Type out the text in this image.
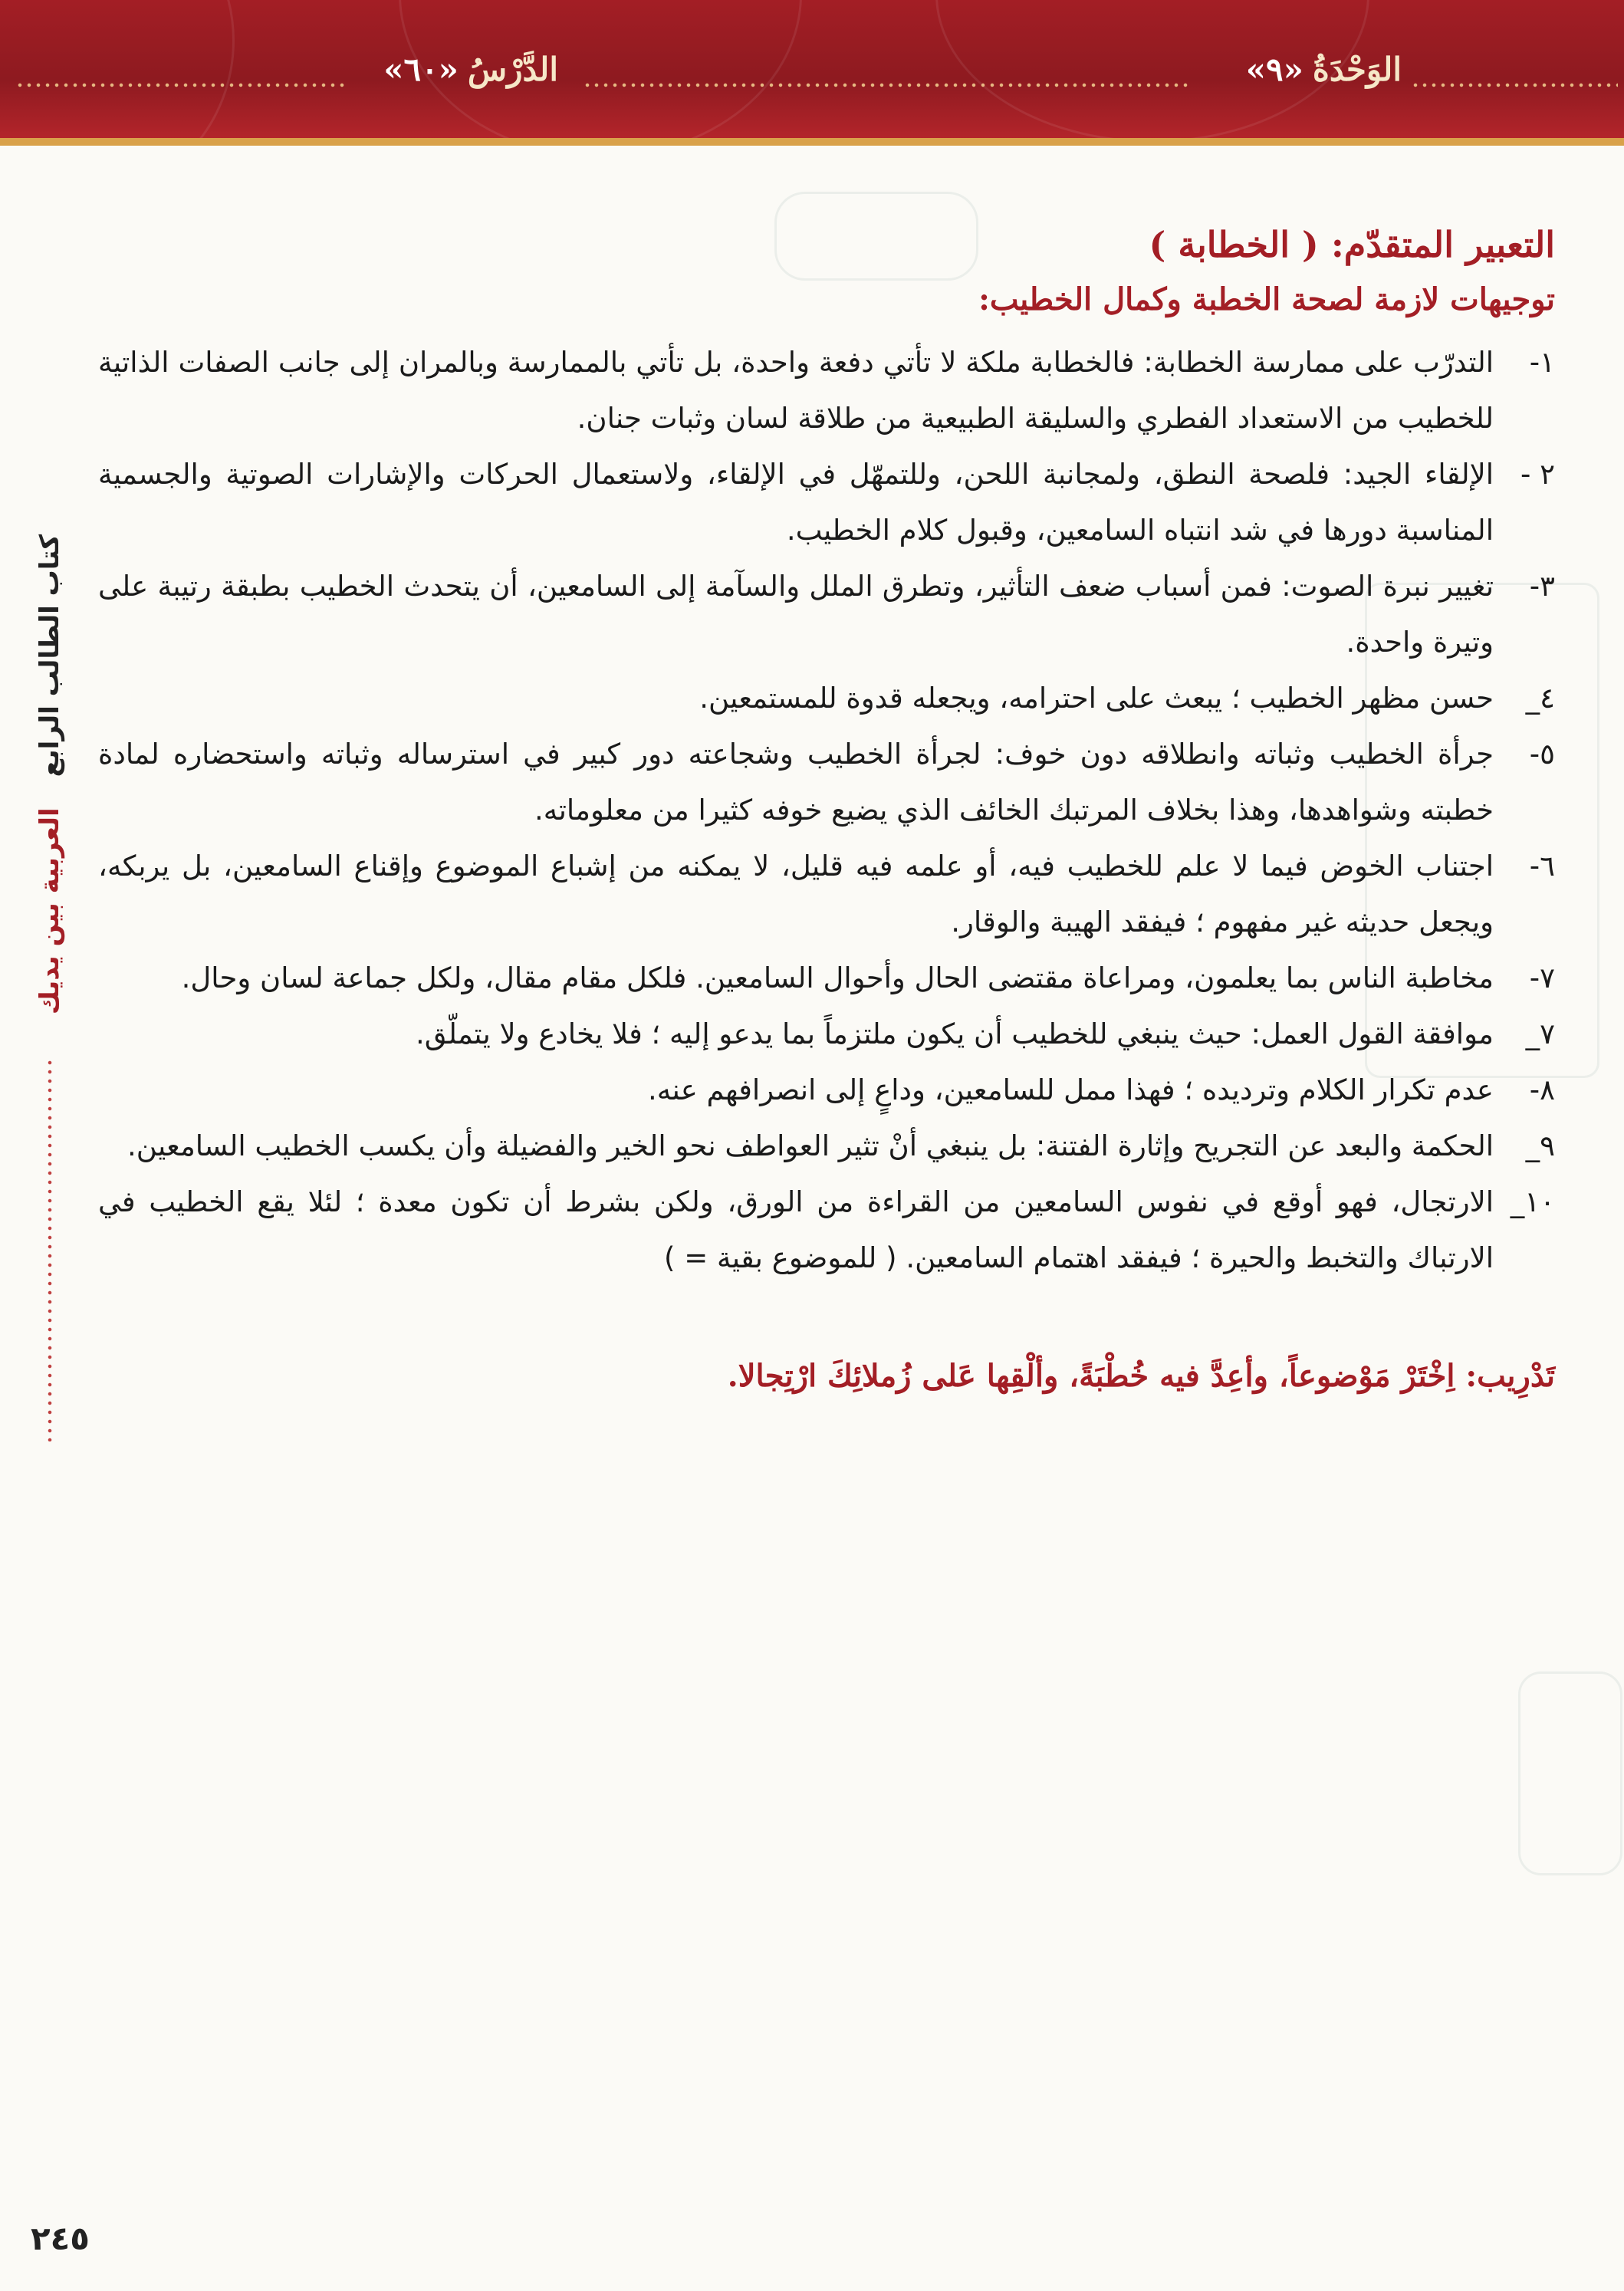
الوَحْدَةُ«٩»
الدَّرْسُ«٦٠»
كتاب الطالب الرابع
العربية بين يديك
التعبير المتقدّم: ( الخطابة )
توجيهات لازمة لصحة الخطبة وكمال الخطيب:
١-
التدرّب على ممارسة الخطابة: فالخطابة ملكة لا تأتي دفعة واحدة، بل تأتي بالممارسة وبالمران إلى جانب الصفات الذاتية للخطيب من الاستعداد الفطري والسليقة الطبيعية من طلاقة لسان وثبات جنان.
٢ -
الإلقاء الجيد: فلصحة النطق، ولمجانبة اللحن، وللتمهّل في الإلقاء، ولاستعمال الحركات والإشارات الصوتية والجسمية المناسبة دورها في شد انتباه السامعين، وقبول كلام الخطيب.
٣-
تغيير نبرة الصوت: فمن أسباب ضعف التأثير، وتطرق الملل والسآمة إلى السامعين، أن يتحدث الخطيب بطبقة رتيبة على وتيرة واحدة.
٤_
حسن مظهر الخطيب ؛ يبعث على احترامه، ويجعله قدوة للمستمعين.
٥-
جرأة الخطيب وثباته وانطلاقه دون خوف: لجرأة الخطيب وشجاعته دور كبير في استرساله وثباته واستحضاره لمادة خطبته وشواهدها، وهذا بخلاف المرتبك الخائف الذي يضيع خوفه كثيرا من معلوماته.
٦-
اجتناب الخوض فيما لا علم للخطيب فيه، أو علمه فيه قليل، لا يمكنه من إشباع الموضوع وإقناع السامعين، بل يربكه، ويجعل حديثه غير مفهوم ؛ فيفقد الهيبة والوقار.
٧-
مخاطبة الناس بما يعلمون، ومراعاة مقتضى الحال وأحوال السامعين. فلكل مقام مقال، ولكل جماعة لسان وحال.
٧_
موافقة القول العمل: حيث ينبغي للخطيب أن يكون ملتزماً بما يدعو إليه ؛ فلا يخادع ولا يتملّق.
٨-
عدم تكرار الكلام وترديده ؛ فهذا ممل للسامعين، وداعٍ إلى انصرافهم عنه.
٩_
الحكمة والبعد عن التجريح وإثارة الفتنة: بل ينبغي أنْ تثير العواطف نحو الخير والفضيلة وأن يكسب الخطيب السامعين.
١٠_
الارتجال، فهو أوقع في نفوس السامعين من القراءة من الورق، ولكن بشرط أن تكون معدة ؛ لئلا يقع الخطيب في الارتباك والتخبط والحيرة ؛ فيفقد اهتمام السامعين. ( للموضوع بقية = )
تَدْرِيب: اِخْتَرْ مَوْضوعاً، وأعِدَّ فيه خُطْبَةً، وألْقِها عَلى زُملائِكَ ارْتِجالا.
٢٤٥
